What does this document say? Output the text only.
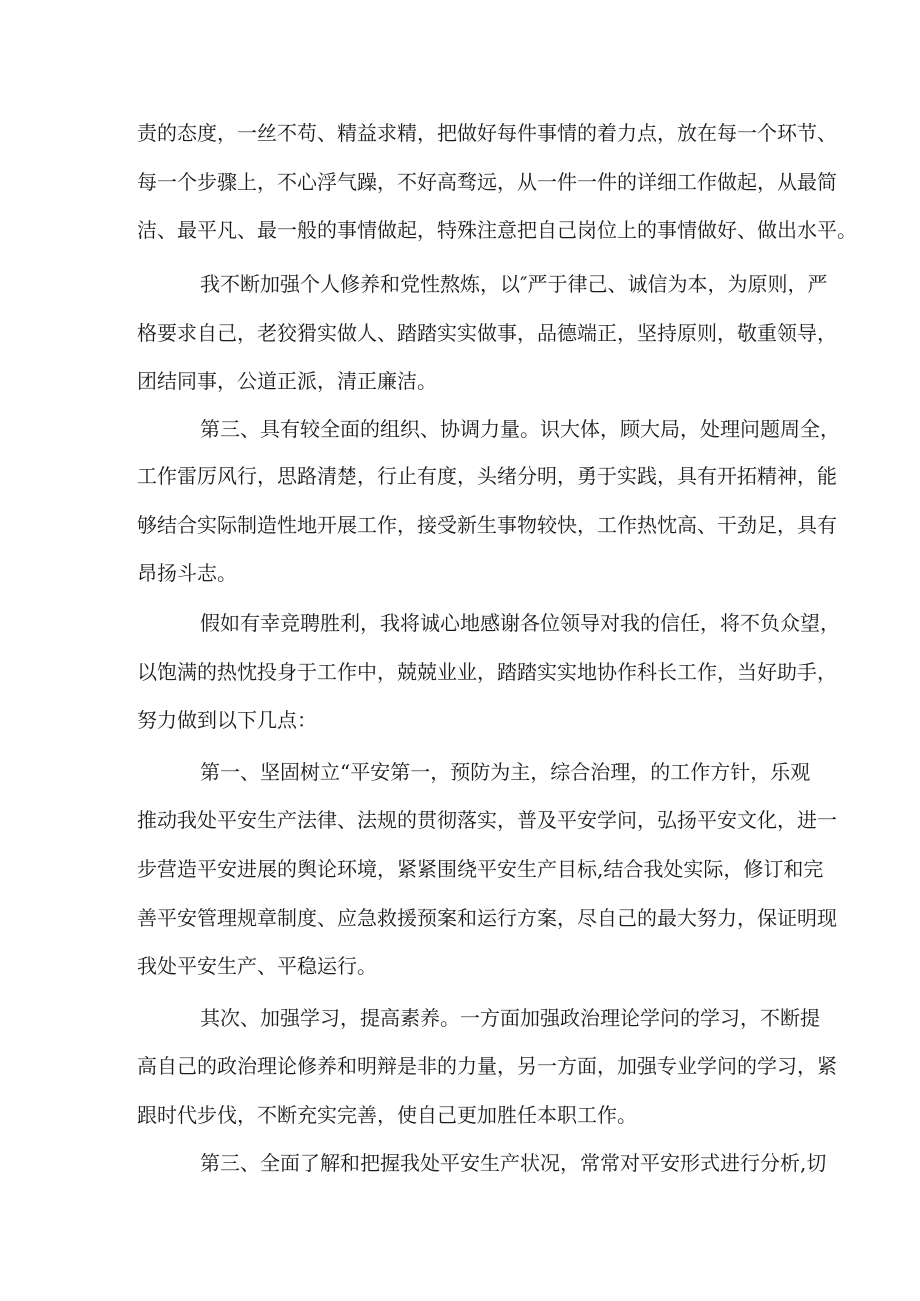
责的态度，一丝不苟、精益求精，把做好每件事情的着力点，放在每一个环节、
每一个步骤上，不心浮气躁，不好高骛远，从一件一件的详细工作做起，从最简
洁、最平凡、最一般的事情做起，特殊注意把自己岗位上的事情做好、做出水平。
我不断加强个人修养和党性熬炼，以″严于律己、诚信为本，为原则，严
格要求自己，老狡猾实做人、踏踏实实做事，品德端正，坚持原则，敬重领导，
团结同事，公道正派，清正廉洁。
第三、具有较全面的组织、协调力量。识大体，顾大局，处理问题周全，
工作雷厉风行，思路清楚，行止有度，头绪分明，勇于实践，具有开拓精神，能
够结合实际制造性地开展工作，接受新生事物较快，工作热忱高、干劲足，具有
昂扬斗志。
假如有幸竞聘胜利，我将诚心地感谢各位领导对我的信任，将不负众望，
以饱满的热忱投身于工作中，兢兢业业，踏踏实实地协作科长工作，当好助手，
努力做到以下几点：
第一、坚固树立“平安第一，预防为主，综合治理，的工作方针，乐观
推动我处平安生产法律、法规的贯彻落实，普及平安学问，弘扬平安文化，进一
步营造平安进展的舆论环境，紧紧围绕平安生产目标,结合我处实际，修订和完
善平安管理规章制度、应急救援预案和运行方案，尽自己的最大努力，保证明现
我处平安生产、平稳运行。
其次、加强学习，提高素养。一方面加强政治理论学问的学习，不断提
高自己的政治理论修养和明辩是非的力量，另一方面，加强专业学问的学习，紧
跟时代步伐，不断充实完善，使自己更加胜任本职工作。
第三、全面了解和把握我处平安生产状况，常常对平安形式进行分析,切
